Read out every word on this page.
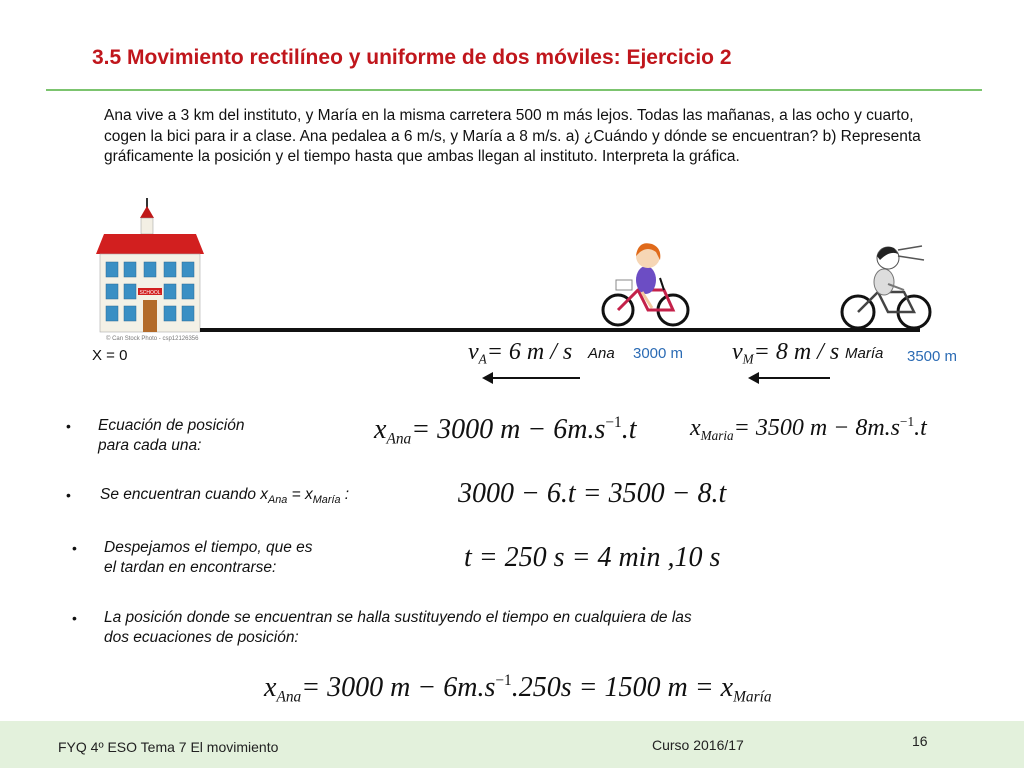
3.5 Movimiento rectilíneo y uniforme de dos móviles: Ejercicio 2
Ana vive a 3 km del instituto, y María en la misma carretera 500 m más lejos. Todas las mañanas, a las ocho y cuarto, cogen la bici para ir a clase. Ana pedalea a 6 m/s, y María a 8 m/s. a) ¿Cuándo y dónde se encuentran? b) Representa gráficamente la posición y el tiempo hasta que ambas llegan al instituto. Interpreta la gráfica.
SCHOOL
© Can Stock Photo - csp12126356
X = 0	$v_A= 6$ m / s Ana 3000 m $v_M= 8$ m / s María 3500 m
• Ecuación de posición
para cada una:
$x_{Ana}= 3000$ $m - 6m.s^{-1}.t$ $x_{Maria}= 3500$ $m - 8m.s^{-1}.t$
• Se encuentran cuando $x_{Ana} = x_{María}$ :	3000 − 6.t = 3500 − 8.t
• Despejamos el tiempo, que es
el tardan en encontrarse:	t = 250 s = 4 min ,10 s
• La posición donde se encuentran se halla sustituyendo el tiempo en cualquiera de las
dos ecuaciones de posición:
$x_{Ana}= 3000$ $m - 6m.s^{-1}.250s = 1500$ $m = x_{María}$
FYQ 4º ESO Tema 7 El movimiento	Curso 2016/17	16
